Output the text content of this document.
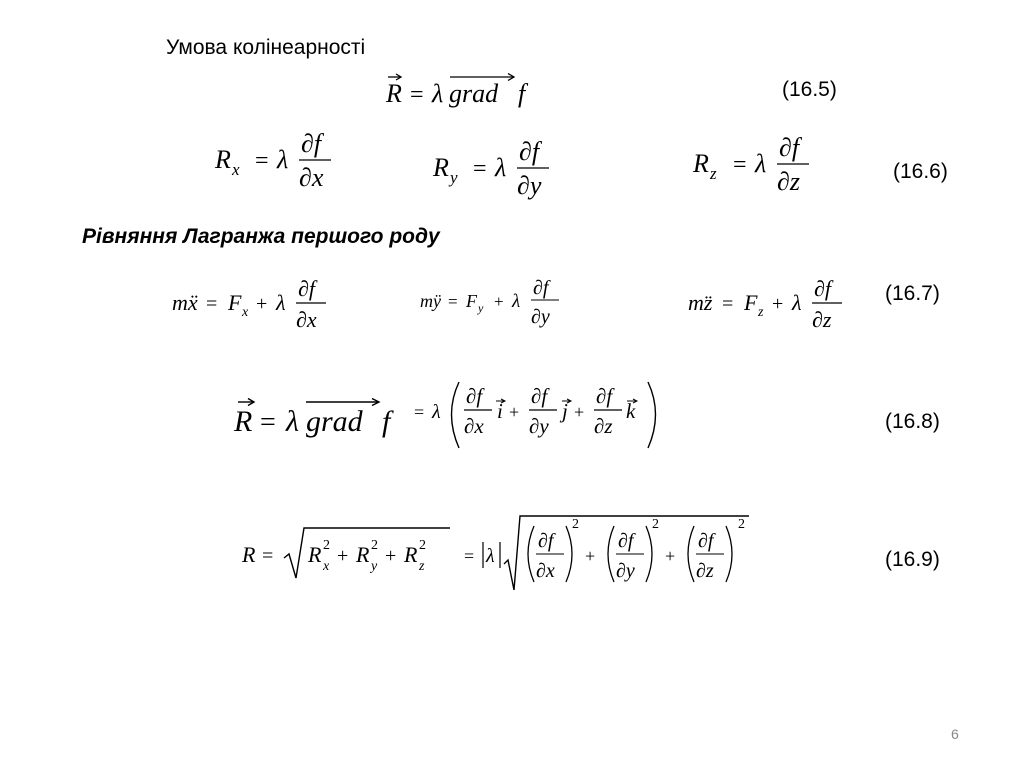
Умова колінеарності
R = λ grad f	(16.5)
R x = λ
∂f
∂x	R y = λ
∂f
∂y
R z = λ
∂f
∂z	(16.6)
Рівняння Лагранжа першого роду
mẍ = F x + λ
∂f
∂x
mÿ = F y + λ
∂f
∂y
mz̈ = F z + λ
∂f
∂z
(16.7)
R = λ grad f = λ
∂f
∂x
i +
∂f
∂y
j +
∂f
∂z
k	(16.8)
R = R 2
x + R 2
y + R 2
z
= λ
∂f
∂x
2
+
∂f
∂y
2
+
∂f
∂z
2
(16.9)
6
